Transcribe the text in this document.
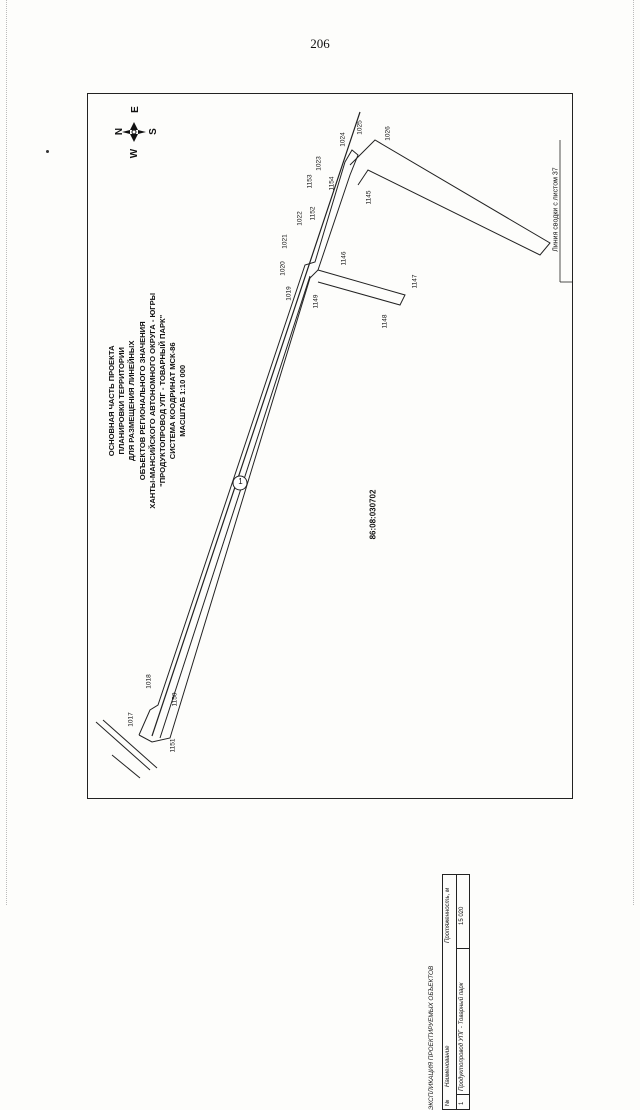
206
N
E
S
W
ОСНОВНАЯ ЧАСТЬ ПРОЕКТА ПЛАНИРОВКИ ТЕРРИТОРИИ ДЛЯ РАЗМЕЩЕНИЯ ЛИНЕЙНЫХ ОБЪЕКТОВ РЕГИОНАЛЬНОГО ЗНАЧЕНИЯ ХАНТЫ-МАНСИЙСКОГО АВТОНОМНОГО ОКРУГА - ЮГРЫ "ПРОДУКТОПРОВОД УПГ - ТОВАРНЫЙ ПАРК" СИСТЕМА КООДРИНАТ МСК-86 МАСШТАБ 1:10 000
86:08:030702
1
Линия сводки с листом 37
1017
1018
1150
1151
1019
1020
1021
1022 1152
1153
1023
1154
1024
1025	1026
1145
1146
1147
1148
1149
ЭКСПЛИКАЦИЯ ПРОЕКТИРУЕМЫХ ОБЪЕКТОВ №
Наименование
Протяженность, м
1
Продуктопровод УПГ - Товарный парк
15 020
